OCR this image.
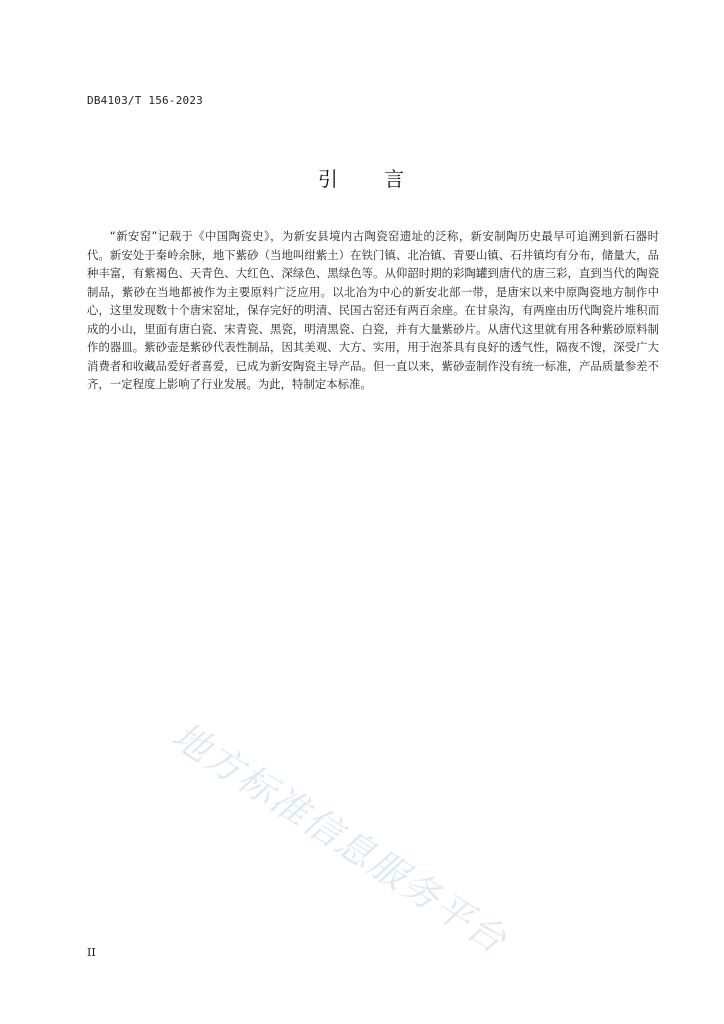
DB4103/T 156-2023
引 言

“新安窑”记载于《中国陶瓷史》，为新安县境内古陶瓷窑遗址的泛称，新安制陶历史最早可追溯到新石器时代。新安处于秦岭余脉，地下紫砂（当地叫绀紫土）在铁门镇、北冶镇、青要山镇、石井镇均有分布，储量大，品种丰富，有紫褐色、天青色、大红色、深绿色、黑绿色等。从仰韶时期的彩陶罐到唐代的唐三彩，直到当代的陶瓷制品，紫砂在当地都被作为主要原料广泛应用。以北冶为中心的新安北部一带，是唐宋以来中原陶瓷地方制作中心，这里发现数十个唐宋窑址，保存完好的明清、民国古窑还有两百余座。在甘泉沟，有两座由历代陶瓷片堆积而成的小山，里面有唐白瓷、宋青瓷、黑瓷，明清黑瓷、白瓷，并有大量紫砂片。从唐代这里就有用各种紫砂原料制作的器皿。紫砂壶是紫砂代表性制品，因其美观、大方、实用，用于泡茶具有良好的透气性，隔夜不馊，深受广大消费者和收藏品爱好者喜爱，已成为新安陶瓷主导产品。但一直以来，紫砂壶制作没有统一标准，产品质量参差不齐，一定程度上影响了行业发展。为此，特制定本标准。

地方标准信息服务平台
II
